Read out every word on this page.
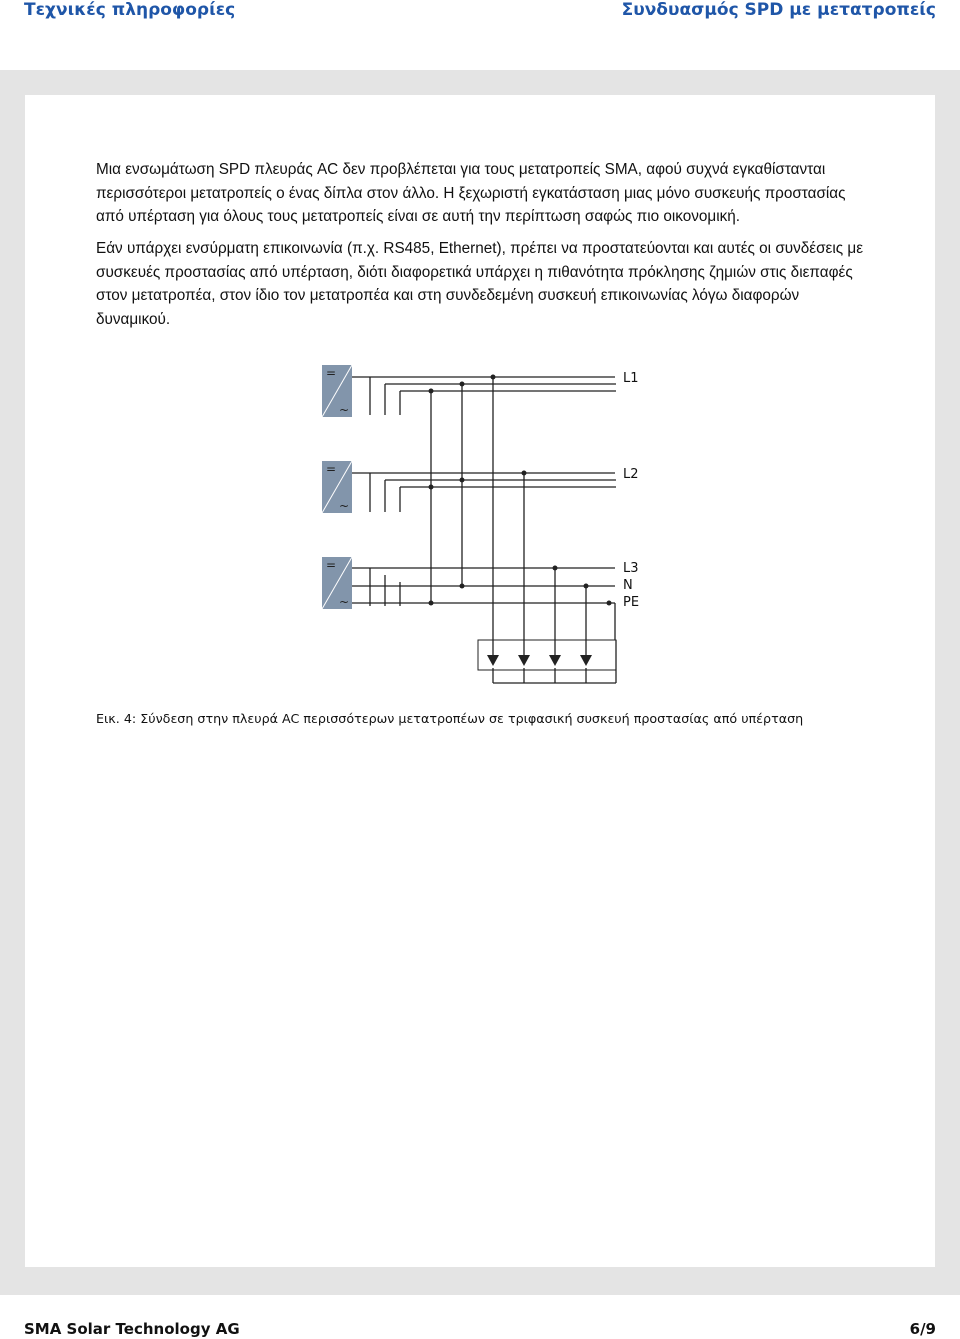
Τεχνικές πληροφορίες	Συνδυασμός SPD με μετατροπείς

Μια ενσωμάτωση SPD πλευράς AC δεν προβλέπεται για τους μετατροπείς SMA, αφού συχνά εγκαθίστανται περισσότεροι μετατροπείς ο ένας δίπλα στον άλλο. Η ξεχωριστή εγκατάσταση μιας μόνο συσκευής προστασίας από υπέρταση για όλους τους μετατροπείς είναι σε αυτή την περίπτωση σαφώς πιο οικονομική.

Εάν υπάρχει ενσύρματη επικοινωνία (π.χ. RS485, Ethernet), πρέπει να προστατεύονται και αυτές οι συνδέσεις με συσκευές προστασίας από υπέρταση, διότι διαφορετικά υπάρχει η πιθανότητα πρόκλησης ζημιών στις διεπαφές στον μετατροπέα, στον ίδιο τον μετατροπέα και στη συνδεδεμένη συσκευή επικοινωνίας λόγω διαφορών δυναμικού.

=
~
=
~
=
~
L1
L2
L3
N
PE
Εικ. 4: Σύνδεση στην πλευρά AC περισσότερων μετατροπέων σε τριφασική συσκευή προστασίας από υπέρταση
SMA Solar Technology AG	6/9
